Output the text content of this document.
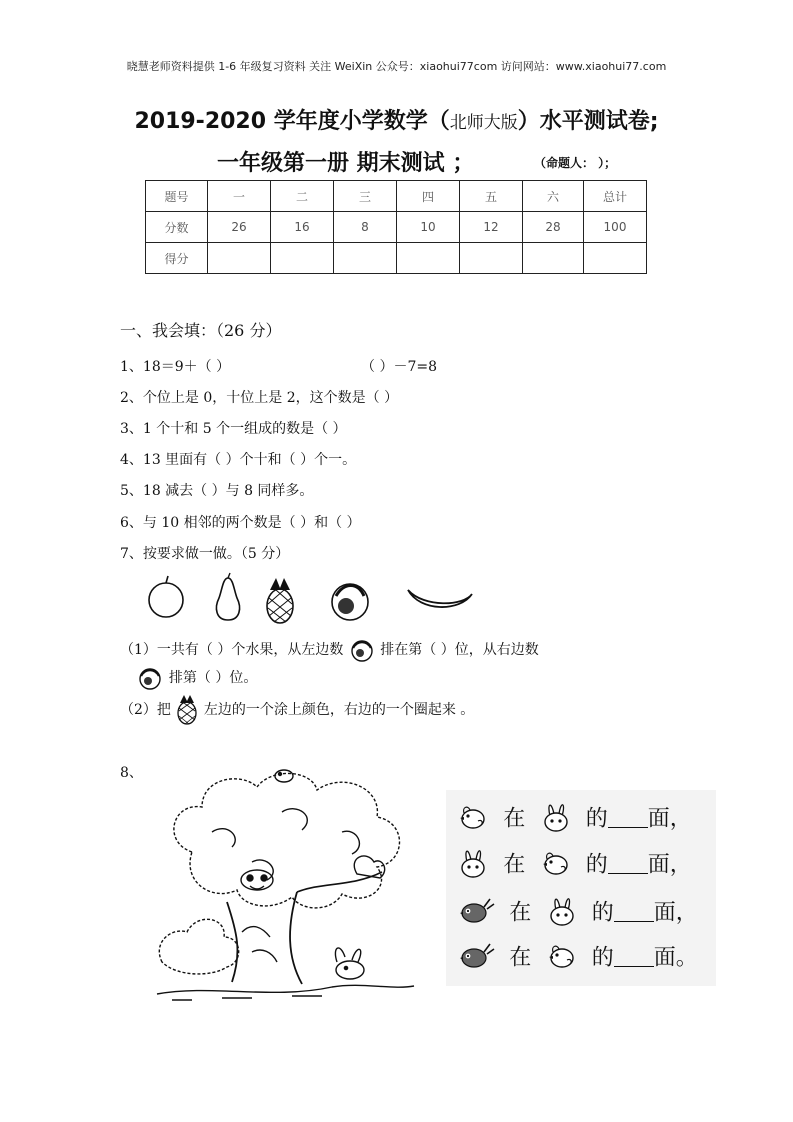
晓慧老师资料提供 1-6 年级复习资料 关注 WeiXin 公众号：xiaohui77com 访问网站：www.xiaohui77.com
2019-2020 学年度小学数学（北师大版）水平测试卷;
一年级第一册 期末测试 ；	（命题人： ）；
题号	一	二	三	四	五	六	总计
分数	26	16	8	10	12	28	100
得分							
一、我会填：（26 分）
1、18＝9＋（ ）	（ ）－7=8
2、个位上是 0，十位上是 2，这个数是（ ）
3、1 个十和 5 个一组成的数是（ ）
4、13 里面有（ ）个十和（ ）个一。
5、18 减去（ ）与 8 同样多。
6、与 10 相邻的两个数是（ ）和（ ）
7、按要求做一做。（5 分）
（1）一共有（ ）个水果，从左边数	排在第（ ）位，从右边数
排第（ ）位。
（2）把 左边的一个涂上颜色，右边的一个圈起来 。
8、
在	的 面，
在	的 面，
在	的 面，
在	的 面。
